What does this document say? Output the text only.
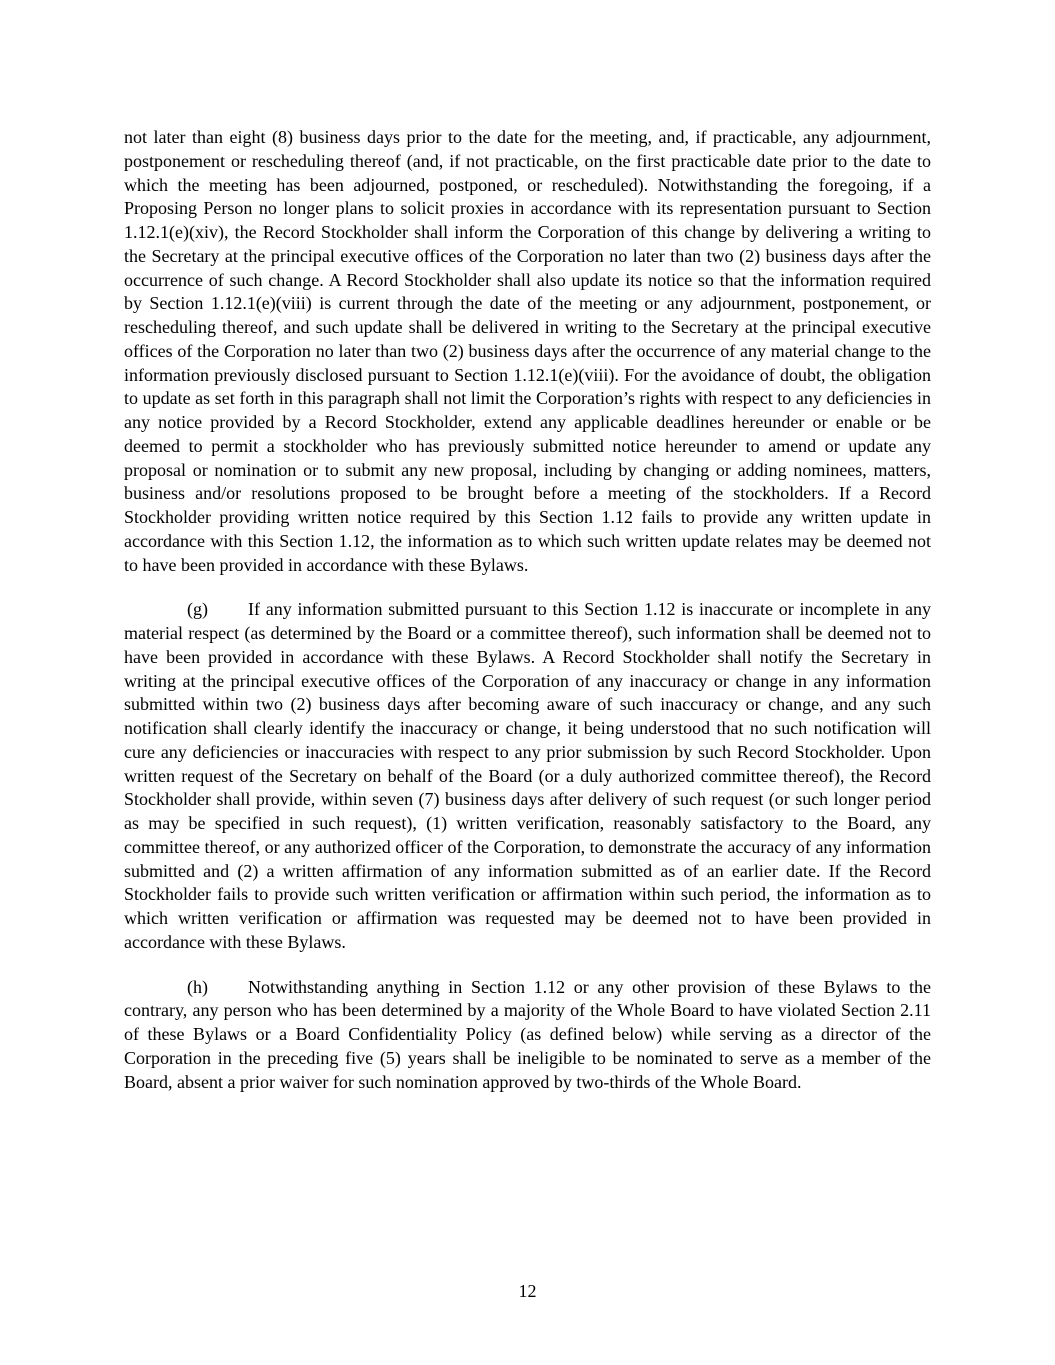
not later than eight (8) business days prior to the date for the meeting, and, if practicable, any adjournment, postponement or rescheduling thereof (and, if not practicable, on the first practicable date prior to the date to which the meeting has been adjourned, postponed, or rescheduled). Notwithstanding the foregoing, if a Proposing Person no longer plans to solicit proxies in accordance with its representation pursuant to Section 1.12.1(e)(xiv), the Record Stockholder shall inform the Corporation of this change by delivering a writing to the Secretary at the principal executive offices of the Corporation no later than two (2) business days after the occurrence of such change. A Record Stockholder shall also update its notice so that the information required by Section 1.12.1(e)(viii) is current through the date of the meeting or any adjournment, postponement, or rescheduling thereof, and such update shall be delivered in writing to the Secretary at the principal executive offices of the Corporation no later than two (2) business days after the occurrence of any material change to the information previously disclosed pursuant to Section 1.12.1(e)(viii). For the avoidance of doubt, the obligation to update as set forth in this paragraph shall not limit the Corporation’s rights with respect to any deficiencies in any notice provided by a Record Stockholder, extend any applicable deadlines hereunder or enable or be deemed to permit a stockholder who has previously submitted notice hereunder to amend or update any proposal or nomination or to submit any new proposal, including by changing or adding nominees, matters, business and/or resolutions proposed to be brought before a meeting of the stockholders. If a Record Stockholder providing written notice required by this Section 1.12 fails to provide any written update in accordance with this Section 1.12, the information as to which such written update relates may be deemed not to have been provided in accordance with these Bylaws.

(g) If any information submitted pursuant to this Section 1.12 is inaccurate or incomplete in any material respect (as determined by the Board or a committee thereof), such information shall be deemed not to have been provided in accordance with these Bylaws. A Record Stockholder shall notify the Secretary in writing at the principal executive offices of the Corporation of any inaccuracy or change in any information submitted within two (2) business days after becoming aware of such inaccuracy or change, and any such notification shall clearly identify the inaccuracy or change, it being understood that no such notification will cure any deficiencies or inaccuracies with respect to any prior submission by such Record Stockholder. Upon written request of the Secretary on behalf of the Board (or a duly authorized committee thereof), the Record Stockholder shall provide, within seven (7) business days after delivery of such request (or such longer period as may be specified in such request), (1) written verification, reasonably satisfactory to the Board, any committee thereof, or any authorized officer of the Corporation, to demonstrate the accuracy of any information submitted and (2) a written affirmation of any information submitted as of an earlier date. If the Record Stockholder fails to provide such written verification or affirmation within such period, the information as to which written verification or affirmation was requested may be deemed not to have been provided in accordance with these Bylaws.

(h) Notwithstanding anything in Section 1.12 or any other provision of these Bylaws to the contrary, any person who has been determined by a majority of the Whole Board to have violated Section 2.11 of these Bylaws or a Board Confidentiality Policy (as defined below) while serving as a director of the Corporation in the preceding five (5) years shall be ineligible to be nominated to serve as a member of the Board, absent a prior waiver for such nomination approved by two-thirds of the Whole Board.

12
